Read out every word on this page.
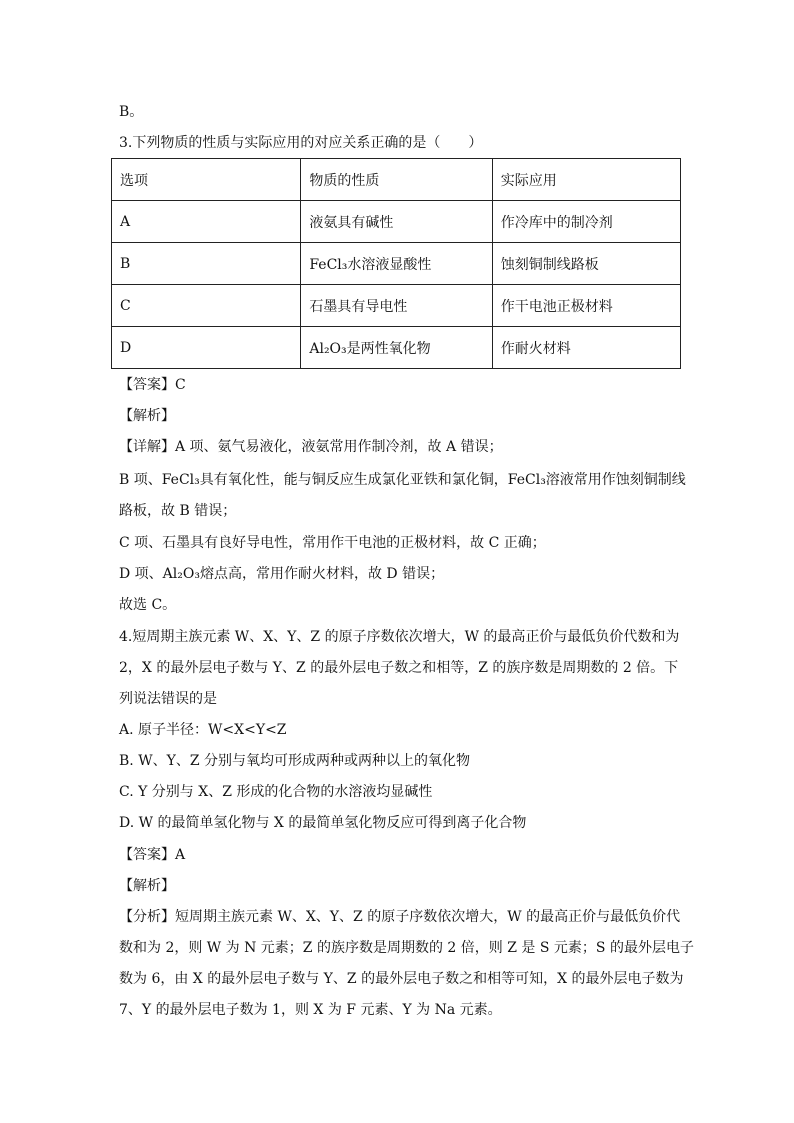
B。
3.下列物质的性质与实际应用的对应关系正确的是（　　）
选项	物质的性质	实际应用
A	液氨具有碱性	作冷库中的制冷剂
B	FeCl₃水溶液显酸性	蚀刻铜制线路板
C	石墨具有导电性	作干电池正极材料
D	Al₂O₃是两性氧化物	作耐火材料
【答案】C
【解析】
【详解】A 项、氨气易液化，液氨常用作制冷剂，故 A 错误；
B 项、FeCl₃具有氧化性，能与铜反应生成氯化亚铁和氯化铜，FeCl₃溶液常用作蚀刻铜制线
路板，故 B 错误；
C 项、石墨具有良好导电性，常用作干电池的正极材料，故 C 正确；
D 项、Al₂O₃熔点高，常用作耐火材料，故 D 错误；
故选 C。
4.短周期主族元素 W、X、Y、Z 的原子序数依次增大，W 的最高正价与最低负价代数和为
2，X 的最外层电子数与 Y、Z 的最外层电子数之和相等，Z 的族序数是周期数的 2 倍。下
列说法错误的是
A. 原子半径：W<X<Y<Z
B. W、Y、Z 分别与氧均可形成两种或两种以上的氧化物
C. Y 分别与 X、Z 形成的化合物的水溶液均显碱性
D. W 的最简单氢化物与 X 的最简单氢化物反应可得到离子化合物
【答案】A
【解析】
【分析】短周期主族元素 W、X、Y、Z 的原子序数依次增大，W 的最高正价与最低负价代
数和为 2，则 W 为 N 元素；Z 的族序数是周期数的 2 倍，则 Z 是 S 元素；S 的最外层电子
数为 6，由 X 的最外层电子数与 Y、Z 的最外层电子数之和相等可知，X 的最外层电子数为
7、Y 的最外层电子数为 1，则 X 为 F 元素、Y 为 Na 元素。
